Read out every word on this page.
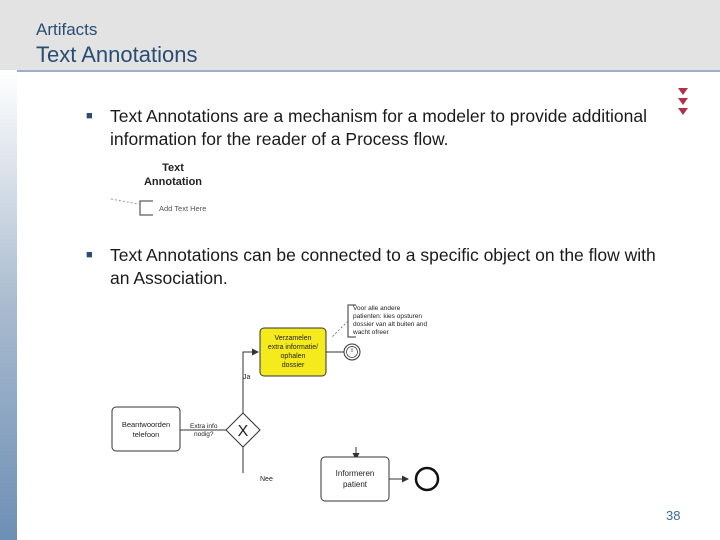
Artifacts
Text Annotations
■ Text Annotations are a mechanism for a modeler to provide additional information for the reader of a Process flow.
Text
Annotation
Add Text Here
■ Text Annotations can be connected to a specific object on the flow with an Association.
Voor alle andere
patienten: kies opsturen
dossier van alt buiten and
wacht ofreer
Verzamelen
extra informatie/
ophalen
dossier
Ja
Beantwoorden
telefoon	X
Extra info
nodig?
Nee
Informeren
patient
38
